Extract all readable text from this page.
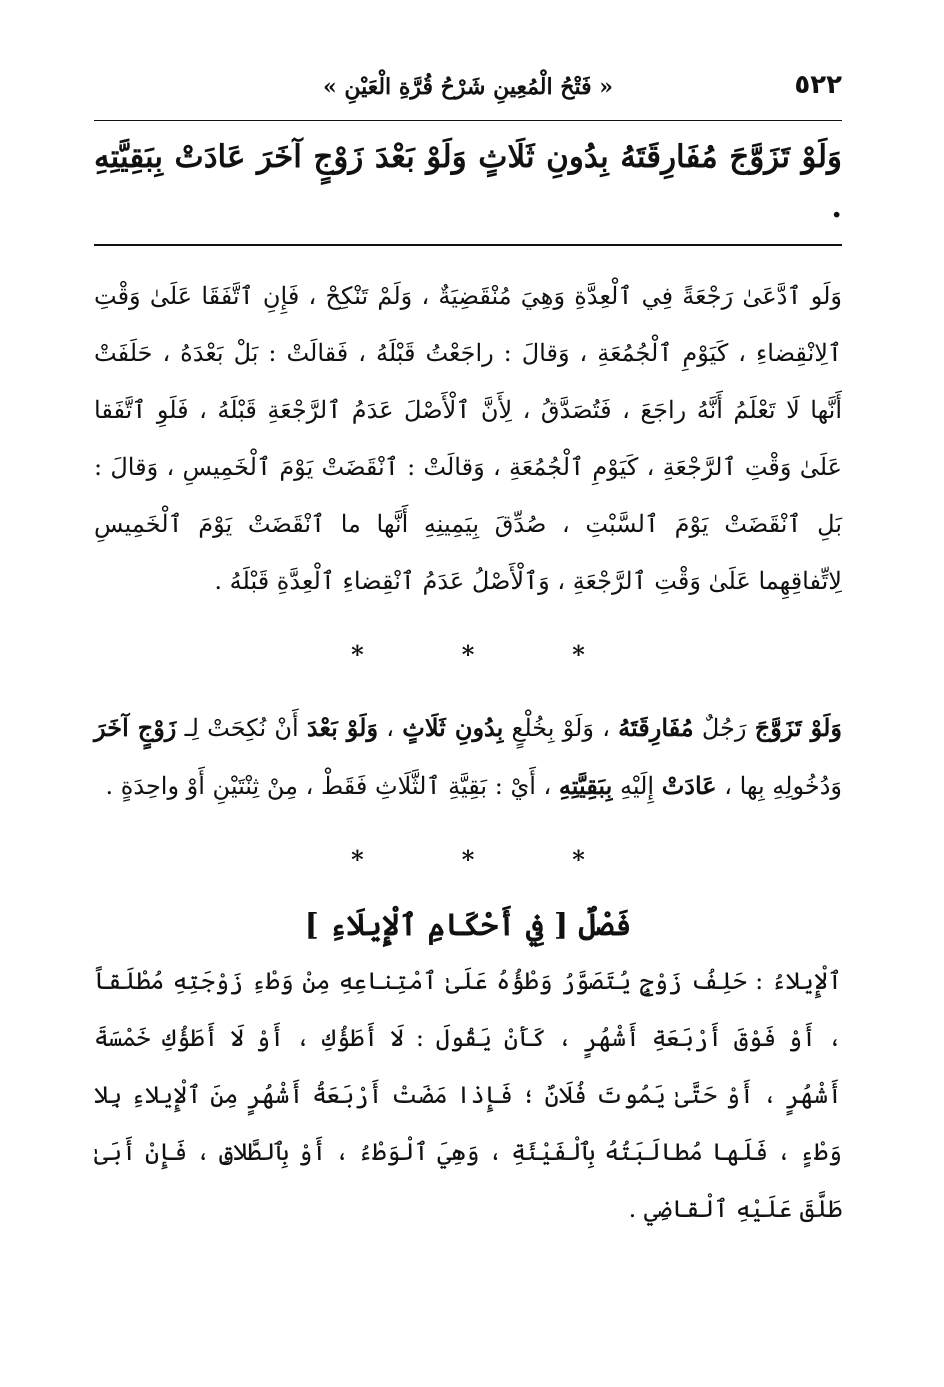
٥٢٢
« فَتْحُ الْمُعِينِ شَرْحُ قُرَّةِ الْعَيْنِ »

وَلَوْ تَزَوَّجَ مُفَارِقَتَهُ بِدُونِ ثَلَاثٍ وَلَوْ بَعْدَ زَوْجٍ آخَرَ عَادَتْ بِبَقِيَّتِهِ .

وَلَو ٱدَّعَىٰ رَجْعَةً فِي ٱلْعِدَّةِ وَهِيَ مُنْقَضِيَةٌ ، وَلَمْ تَنْكِحْ ، فَإِنِ ٱتَّفَقَا عَلَىٰ وَقْتِ ٱلِانْقِضاءِ ، كَيَوْمِ ٱلْجُمُعَةِ ، وَقالَ : راجَعْتُ قَبْلَهُ ، فَقالَتْ : بَلْ بَعْدَهُ ، حَلَفَتْ أَنَّها لَا تَعْلَمُ أَنَّهُ راجَعَ ، فَتُصَدَّقُ ، لِأَنَّ ٱلْأَصْلَ عَدَمُ ٱلرَّجْعَةِ قَبْلَهُ ، فَلَوِ ٱتَّفَقا عَلَىٰ وَقْتِ ٱلرَّجْعَةِ ، كَيَوْمِ ٱلْجُمُعَةِ ، وَقالَتْ : ٱنْقَضَتْ يَوْمَ ٱلْخَمِيسِ ، وَقالَ : بَلِ ٱنْقَضَتْ يَوْمَ ٱلسَّبْتِ ، صُدِّقَ بِيَمِينِهِ أَنَّها ما ٱنْقَضَتْ يَوْمَ ٱلْخَمِيسِ لِاتِّفاقِهِما عَلَىٰ وَقْتِ ٱلرَّجْعَةِ ، وَٱلْأَصْلُ عَدَمُ ٱنْقِضاءِ ٱلْعِدَّةِ قَبْلَهُ .

*
*
*

وَلَوْ تَزَوَّجَ رَجُلٌ مُفَارِقَتَهُ ، وَلَوْ بِخُلْعٍ بِدُونِ ثَلَاثٍ ، وَلَوْ بَعْدَ أَنْ نُكِحَتْ لِـ زَوْجٍ آخَرَ وَدُخُولِهِ بِها ، عَادَتْ إِلَيْهِ بِبَقِيَّتِهِ ، أَيْ : بَقِيَّةِ ٱلثَّلَاثِ فَقَطْ ، مِنْ ثِنْتَيْنِ أَوْ واحِدَةٍ .

*
*
*
فَصْلٌ [ فِي أَحْكَامِ ٱلْإِيلَاءِ ]

ٱلْإِيلاءُ : حَلِفُ زَوْجٍ يُتَصَوَّرُ وَطْؤُهُ عَلَىٰ ٱمْتِناعِهِ مِنْ وَطْءِ زَوْجَتِهِ مُطْلَقاً ، أَوْ فَوْقَ أَرْبَعَةِ أَشْهُرٍ ، كَأَنْ يَقُولَ : لَا أَطَؤُكِ ، أَوْ لَا أَطَؤُكِ خَمْسَةَ أَشْهُرٍ ، أَوْ حَتَّىٰ يَمُوتَ فُلَانٌ ؛ فَإِذا مَضَتْ أَرْبَعَةُ أَشْهُرٍ مِنَ ٱلْإِيلاءِ بِلا وَطْءٍ ، فَلَها مُطالَبَتُهُ بِٱلْفَيْئَةِ ، وَهِيَ ٱلْوَطْءُ ، أَوْ بِٱلطَّلاقِ ، فَإِنْ أَبَىٰ طَلَّقَ عَلَيْهِ ٱلْقاضِي .
